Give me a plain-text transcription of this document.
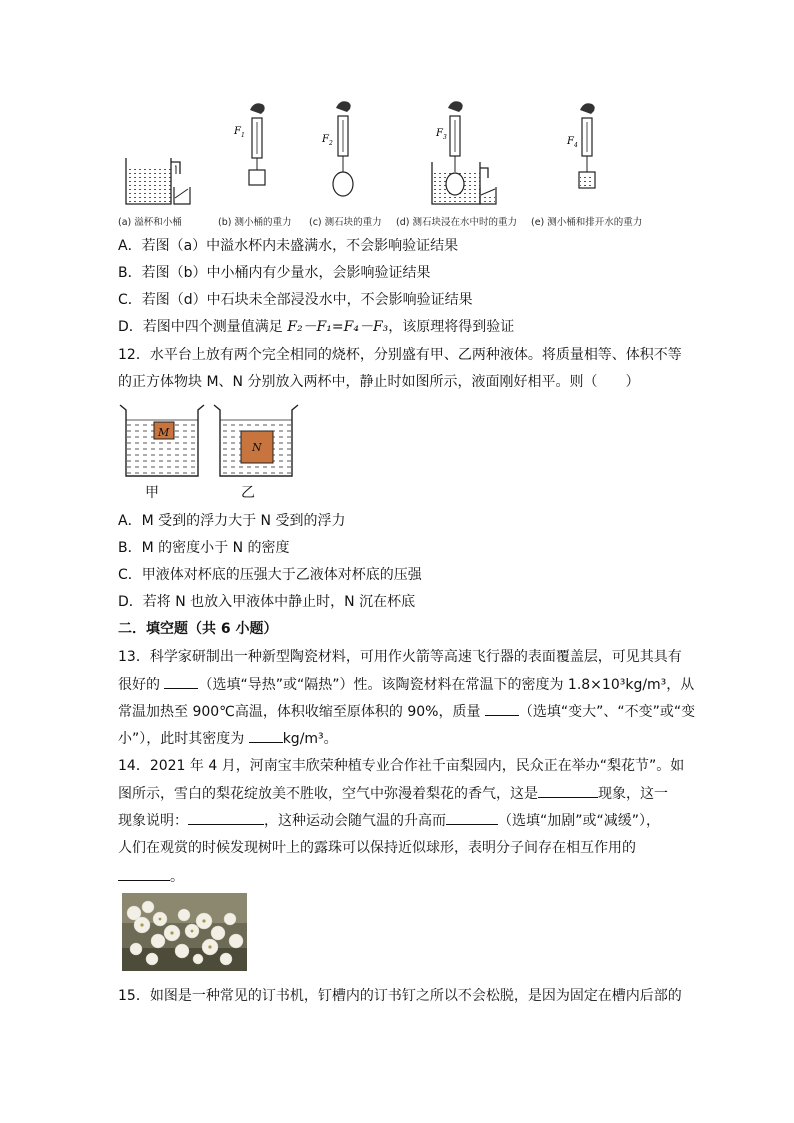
F 1	F 2
F 3	F 4
(a) 溢杯和小桶	(b) 测小桶的重力 (c) 测石块的重力 (d) 测石块浸在水中时的重力 (e) 测小桶和排开水的重力
A．若图（a）中溢水杯内未盛满水，不会影响验证结果
B．若图（b）中小桶内有少量水，会影响验证结果
C．若图（d）中石块未全部浸没水中，不会影响验证结果
D．若图中四个测量值满足 F₂－F₁=F₄－F₃，该原理将得到验证
12．水平台上放有两个完全相同的烧杯，分别盛有甲、乙两种液体。将质量相等、体积不等
的正方体物块 M、N 分别放入两杯中，静止时如图所示，液面刚好相平。则（　　）
M
N
甲	乙
A．M 受到的浮力大于 N 受到的浮力
B．M 的密度小于 N 的密度
C．甲液体对杯底的压强大于乙液体对杯底的压强
D．若将 N 也放入甲液体中静止时，N 沉在杯底
二．填空题（共 6 小题）
13．科学家研制出一种新型陶瓷材料，可用作火箭等高速飞行器的表面覆盖层，可见其具有
很好的 （选填“导热”或“隔热”）性。该陶瓷材料在常温下的密度为 1.8×10³kg/m³，从
常温加热至 900℃高温，体积收缩至原体积的 90%，质量 （选填“变大”、“不变”或“变
小”），此时其密度为 kg/m³。
14．2021 年 4 月，河南宝丰欣荣种植专业合作社千亩梨园内，民众正在举办“梨花节”。如
图所示，雪白的梨花绽放美不胜收，空气中弥漫着梨花的香气，这是	现象，这一
现象说明：	，这种运动会随气温的升高而	（选填“加剧”或“减缓”），
人们在观赏的时候发现树叶上的露珠可以保持近似球形，表明分子间存在相互作用的
。
15．如图是一种常见的订书机，钉槽内的订书钉之所以不会松脱，是因为固定在槽内后部的
